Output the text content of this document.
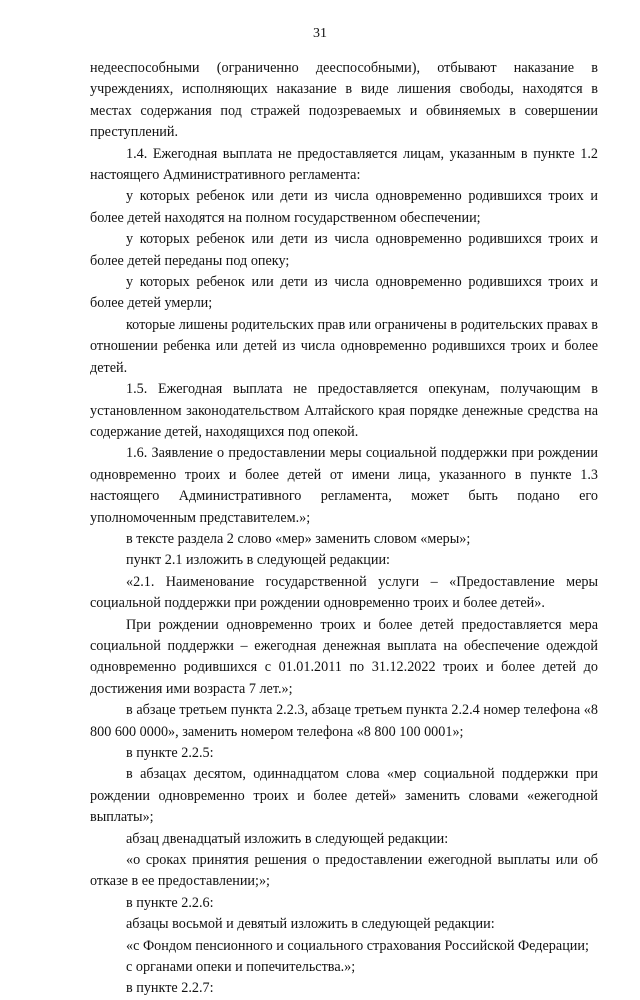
31

недееспособными (ограниченно дееспособными), отбывают наказание в учреждениях, исполняющих наказание в виде лишения свободы, находятся в местах содержания под стражей подозреваемых и обвиняемых в совершении преступлений.

1.4. Ежегодная выплата не предоставляется лицам, указанным в пункте 1.2 настоящего Административного регламента:

у которых ребенок или дети из числа одновременно родившихся троих и более детей находятся на полном государственном обеспечении;

у которых ребенок или дети из числа одновременно родившихся троих и более детей переданы под опеку;

у которых ребенок или дети из числа одновременно родившихся троих и более детей умерли;

которые лишены родительских прав или ограничены в родительских правах в отношении ребенка или детей из числа одновременно родившихся троих и более детей.

1.5. Ежегодная выплата не предоставляется опекунам, получающим в установленном законодательством Алтайского края порядке денежные средства на содержание детей, находящихся под опекой.

1.6. Заявление о предоставлении меры социальной поддержки при рождении одновременно троих и более детей от имени лица, указанного в пункте 1.3 настоящего Административного регламента, может быть подано его уполномоченным представителем.»;

в тексте раздела 2 слово «мер» заменить словом «меры»;

пункт 2.1 изложить в следующей редакции:

«2.1. Наименование государственной услуги – «Предоставление меры социальной поддержки при рождении одновременно троих и более детей».

При рождении одновременно троих и более детей предоставляется мера социальной поддержки – ежегодная денежная выплата на обеспечение одеждой одновременно родившихся с 01.01.2011 по 31.12.2022 троих и более детей до достижения ими возраста 7 лет.»;

в абзаце третьем пункта 2.2.3, абзаце третьем пункта 2.2.4 номер телефона «8 800 600 0000», заменить номером телефона «8 800 100 0001»;

в пункте 2.2.5:

в абзацах десятом, одиннадцатом слова «мер социальной поддержки при рождении одновременно троих и более детей» заменить словами «ежегодной выплаты»;

абзац двенадцатый изложить в следующей редакции:

«о сроках принятия решения о предоставлении ежегодной выплаты или об отказе в ее предоставлении;»;

в пункте 2.2.6:

абзацы восьмой и девятый изложить в следующей редакции:

«с Фондом пенсионного и социального страхования Российской Федерации;

с органами опеки и попечительства.»;

в пункте 2.2.7:
